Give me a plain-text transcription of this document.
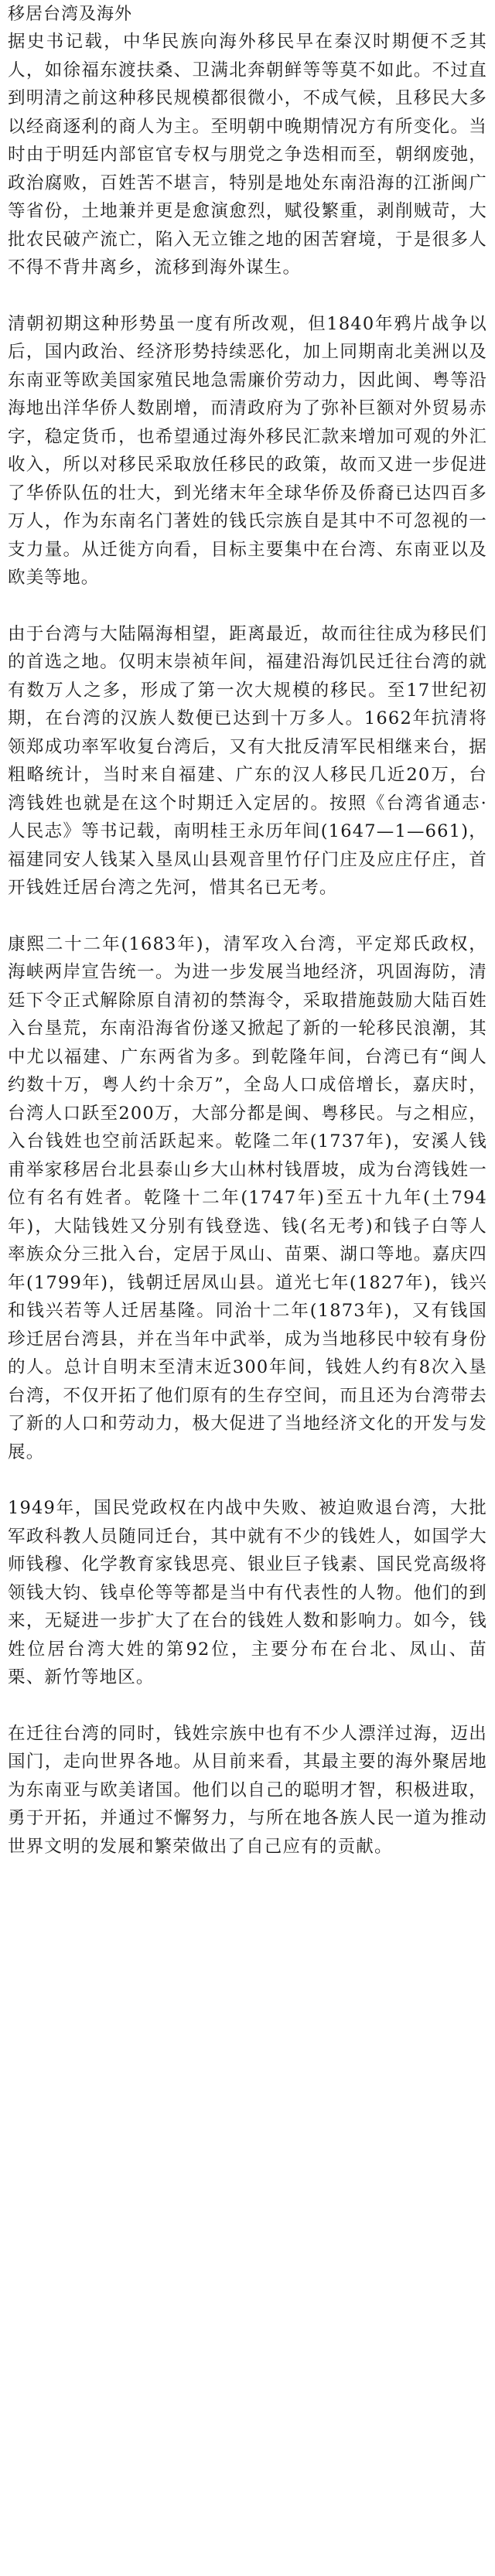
移居台湾及海外

据史书记载，中华民族向海外移民早在秦汉时期便不乏其人，如徐福东渡扶桑、卫满北奔朝鲜等等莫不如此。不过直到明清之前这种移民规模都很微小，不成气候，且移民大多以经商逐利的商人为主。至明朝中晚期情况方有所变化。当时由于明廷内部宦官专权与朋党之争迭相而至，朝纲废弛，政治腐败，百姓苦不堪言，特别是地处东南沿海的江浙闽广等省份，土地兼并更是愈演愈烈，赋役繁重，剥削贼苛，大批农民破产流亡，陷入无立锥之地的困苦窘境，于是很多人不得不背井离乡，流移到海外谋生。

清朝初期这种形势虽一度有所改观，但1840年鸦片战争以后，国内政治、经济形势持续恶化，加上同期南北美洲以及东南亚等欧美国家殖民地急需廉价劳动力，因此闽、粤等沿海地出洋华侨人数剧增，而清政府为了弥补巨额对外贸易赤字，稳定货币，也希望通过海外移民汇款来增加可观的外汇收入，所以对移民采取放任移民的政策，故而又进一步促进了华侨队伍的壮大，到光绪末年全球华侨及侨裔已达四百多万人，作为东南名门著姓的钱氏宗族自是其中不可忽视的一支力量。从迁徙方向看，目标主要集中在台湾、东南亚以及欧美等地。

由于台湾与大陆隔海相望，距离最近，故而往往成为移民们的首选之地。仅明末崇祯年间，福建沿海饥民迁往台湾的就有数万人之多，形成了第一次大规模的移民。至17世纪初期，在台湾的汉族人数便已达到十万多人。1662年抗清将领郑成功率军收复台湾后，又有大批反清军民相继来台，据粗略统计，当时来自福建、广东的汉人移民几近20万，台湾钱姓也就是在这个时期迁入定居的。按照《台湾省通志·人民志》等书记载，南明桂王永历年间(1647—1—661)，福建同安人钱某入垦凤山县观音里竹仔门庄及应庄仔庄，首开钱姓迁居台湾之先河，惜其名已无考。

康熙二十二年(1683年)，清军攻入台湾，平定郑氏政权，海峡两岸宣告统一。为进一步发展当地经济，巩固海防，清廷下令正式解除原自清初的禁海令，采取措施鼓励大陆百姓入台垦荒，东南沿海省份遂又掀起了新的一轮移民浪潮，其中尤以福建、广东两省为多。到乾隆年间，台湾已有“闽人约数十万，粤人约十余万”，全岛人口成倍增长，嘉庆时，台湾人口跃至200万，大部分都是闽、粤移民。与之相应，入台钱姓也空前活跃起来。乾隆二年(1737年)，安溪人钱甫举家移居台北县泰山乡大山林村钱厝坡，成为台湾钱姓一位有名有姓者。乾隆十二年(1747年)至五十九年(土794年)，大陆钱姓又分别有钱登选、钱(名无考)和钱子白等人率族众分三批入台，定居于凤山、苗栗、湖口等地。嘉庆四年(1799年)，钱朝迁居凤山县。道光七年(1827年)，钱兴和钱兴若等人迁居基隆。同治十二年(1873年)，又有钱国珍迁居台湾县，并在当年中武举，成为当地移民中较有身份的人。总计自明末至清末近300年间，钱姓人约有8次入垦台湾，不仅开拓了他们原有的生存空间，而且还为台湾带去了新的人口和劳动力，极大促进了当地经济文化的开发与发展。

1949年，国民党政权在内战中失败、被迫败退台湾，大批军政科教人员随同迁台，其中就有不少的钱姓人，如国学大师钱穆、化学教育家钱思亮、银业巨子钱素、国民党高级将领钱大钧、钱卓伦等等都是当中有代表性的人物。他们的到来，无疑进一步扩大了在台的钱姓人数和影响力。如今，钱姓位居台湾大姓的第92位，主要分布在台北、凤山、苗栗、新竹等地区。

在迁往台湾的同时，钱姓宗族中也有不少人漂洋过海，迈出国门，走向世界各地。从目前来看，其最主要的海外聚居地为东南亚与欧美诸国。他们以自己的聪明才智，积极进取，勇于开拓，并通过不懈努力，与所在地各族人民一道为推动世界文明的发展和繁荣做出了自己应有的贡献。
